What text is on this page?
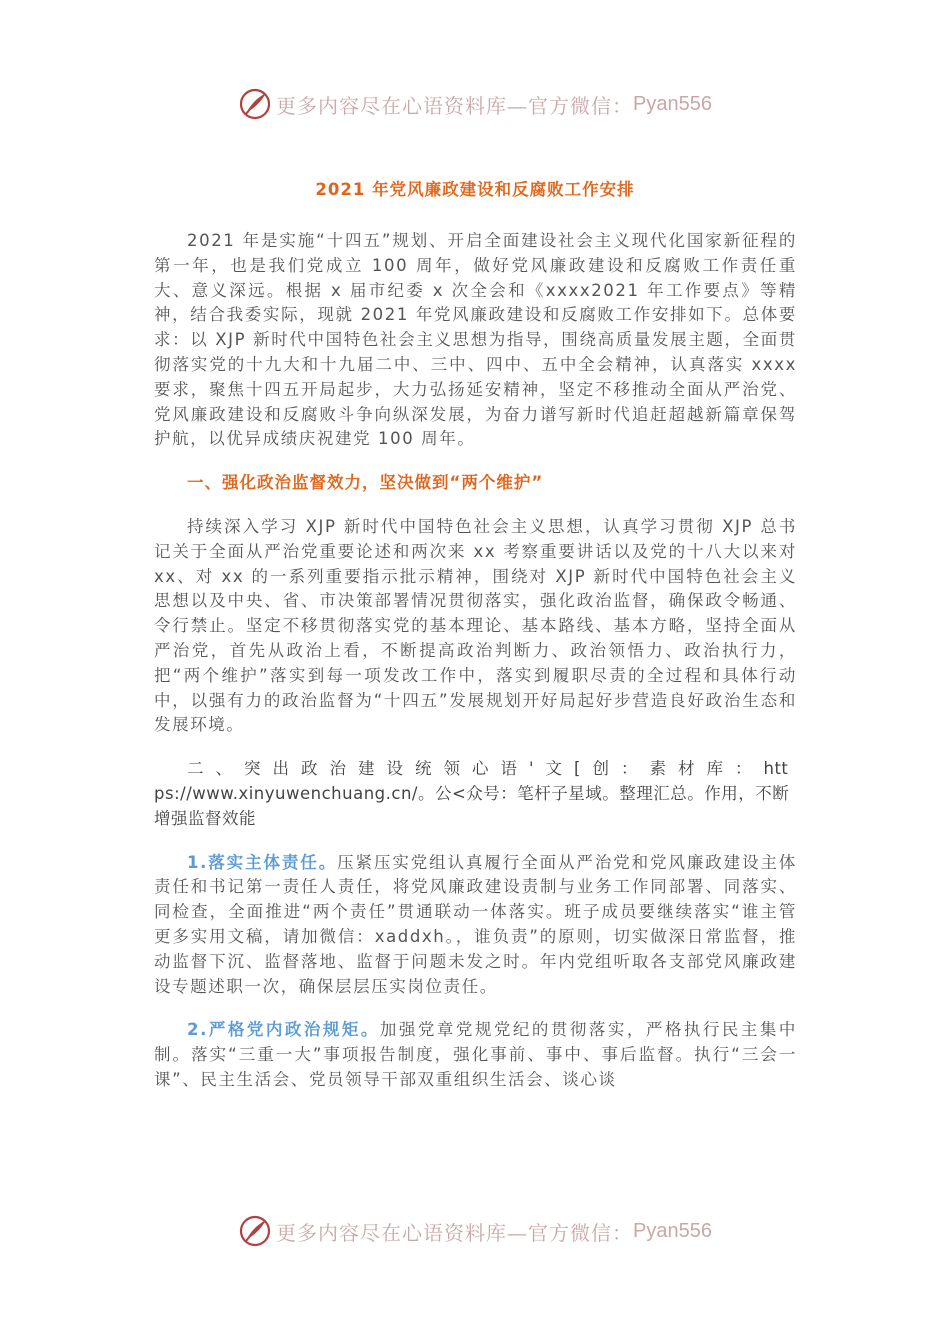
更多内容尽在心语资料库—官方微信： Pyan556
2021 年党风廉政建设和反腐败工作安排

2021 年是实施“十四五”规划、开启全面建设社会主义现代化国家新征程的第一年，也是我们党成立 100 周年，做好党风廉政建设和反腐败工作责任重大、意义深远。根据 x 届市纪委 x 次全会和《xxxx2021 年工作要点》等精神，结合我委实际，现就 2021 年党风廉政建设和反腐败工作安排如下。总体要求：以 XJP 新时代中国特色社会主义思想为指导，围绕高质量发展主题，全面贯彻落实党的十九大和十九届二中、三中、四中、五中全会精神，认真落实 xxxx 要求，聚焦十四五开局起步，大力弘扬延安精神，坚定不移推动全面从严治党、党风廉政建设和反腐败斗争向纵深发展，为奋力谱写新时代追赶超越新篇章保驾护航，以优异成绩庆祝建党 100 周年。

一、强化政治监督效力，坚决做到“两个维护”

持续深入学习 XJP 新时代中国特色社会主义思想，认真学习贯彻 XJP 总书记关于全面从严治党重要论述和两次来 xx 考察重要讲话以及党的十八大以来对 xx、对 xx 的一系列重要指示批示精神，围绕对 XJP 新时代中国特色社会主义思想以及中央、省、市决策部署情况贯彻落实，强化政治监督，确保政令畅通、令行禁止。坚定不移贯彻落实党的基本理论、基本路线、基本方略，坚持全面从严治党，首先从政治上看，不断提高政治判断力、政治领悟力、政治执行力，把“两个维护”落实到每一项发改工作中，落实到履职尽责的全过程和具体行动中，以强有力的政治监督为“十四五”发展规划开好局起好步营造良好政治生态和发展环境。

二、突出政治建设统领心语'文[创：素材库：https://www.xinyuwenchuang.cn/。公<众号：笔杆子星域。整理汇总。作用，不断增强监督效能

1.落实主体责任。压紧压实党组认真履行全面从严治党和党风廉政建设主体责任和书记第一责任人责任，将党风廉政建设责制与业务工作同部署、同落实、同检查，全面推进“两个责任”贯通联动一体落实。班子成员要继续落实“谁主管更多实用文稿，请加微信：xaddxh。，谁负责”的原则，切实做深日常监督，推动监督下沉、监督落地、监督于问题未发之时。年内党组听取各支部党风廉政建设专题述职一次，确保层层压实岗位责任。

2.严格党内政治规矩。加强党章党规党纪的贯彻落实，严格执行民主集中制。落实“三重一大”事项报告制度，强化事前、事中、事后监督。执行“三会一课”、民主生活会、党员领导干部双重组织生活会、谈心谈

更多内容尽在心语资料库—官方微信： Pyan556
